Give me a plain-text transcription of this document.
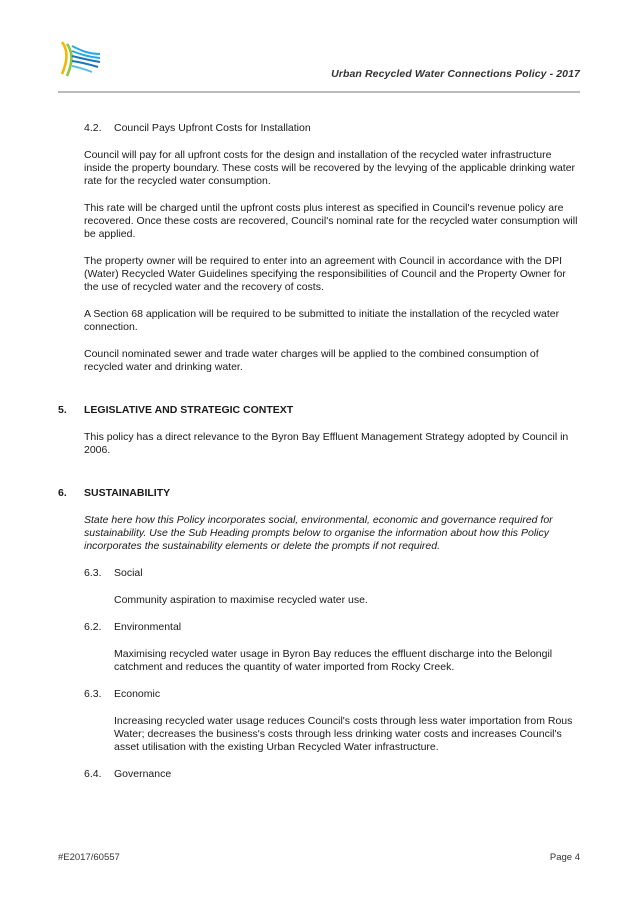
Urban Recycled Water Connections Policy - 2017
4.2.	Council Pays Upfront Costs for Installation

Council will pay for all upfront costs for the design and installation of the recycled water infrastructure inside the property boundary. These costs will be recovered by the levying of the applicable drinking water rate for the recycled water consumption.

This rate will be charged until the upfront costs plus interest as specified in Council's revenue policy are recovered. Once these costs are recovered, Council's nominal rate for the recycled water consumption will be applied.

The property owner will be required to enter into an agreement with Council in accordance with the DPI (Water) Recycled Water Guidelines specifying the responsibilities of Council and the Property Owner for the use of recycled water and the recovery of costs.

A Section 68 application will be required to be submitted to initiate the installation of the recycled water connection.

Council nominated sewer and trade water charges will be applied to the combined consumption of recycled water and drinking water.

5.	LEGISLATIVE AND STRATEGIC CONTEXT

This policy has a direct relevance to the Byron Bay Effluent Management Strategy adopted by Council in 2006.

6.	SUSTAINABILITY

State here how this Policy incorporates social, environmental, economic and governance required for sustainability. Use the Sub Heading prompts below to organise the information about how this Policy incorporates the sustainability elements or delete the prompts if not required.

6.3.	Social

Community aspiration to maximise recycled water use.

6.2.	Environmental

Maximising recycled water usage in Byron Bay reduces the effluent discharge into the Belongil catchment and reduces the quantity of water imported from Rocky Creek.

6.3.	Economic

Increasing recycled water usage reduces Council's costs through less water importation from Rous Water; decreases the business's costs through less drinking water costs and increases Council's asset utilisation with the existing Urban Recycled Water infrastructure.

6.4.	Governance
#E2017/60557	Page 4
